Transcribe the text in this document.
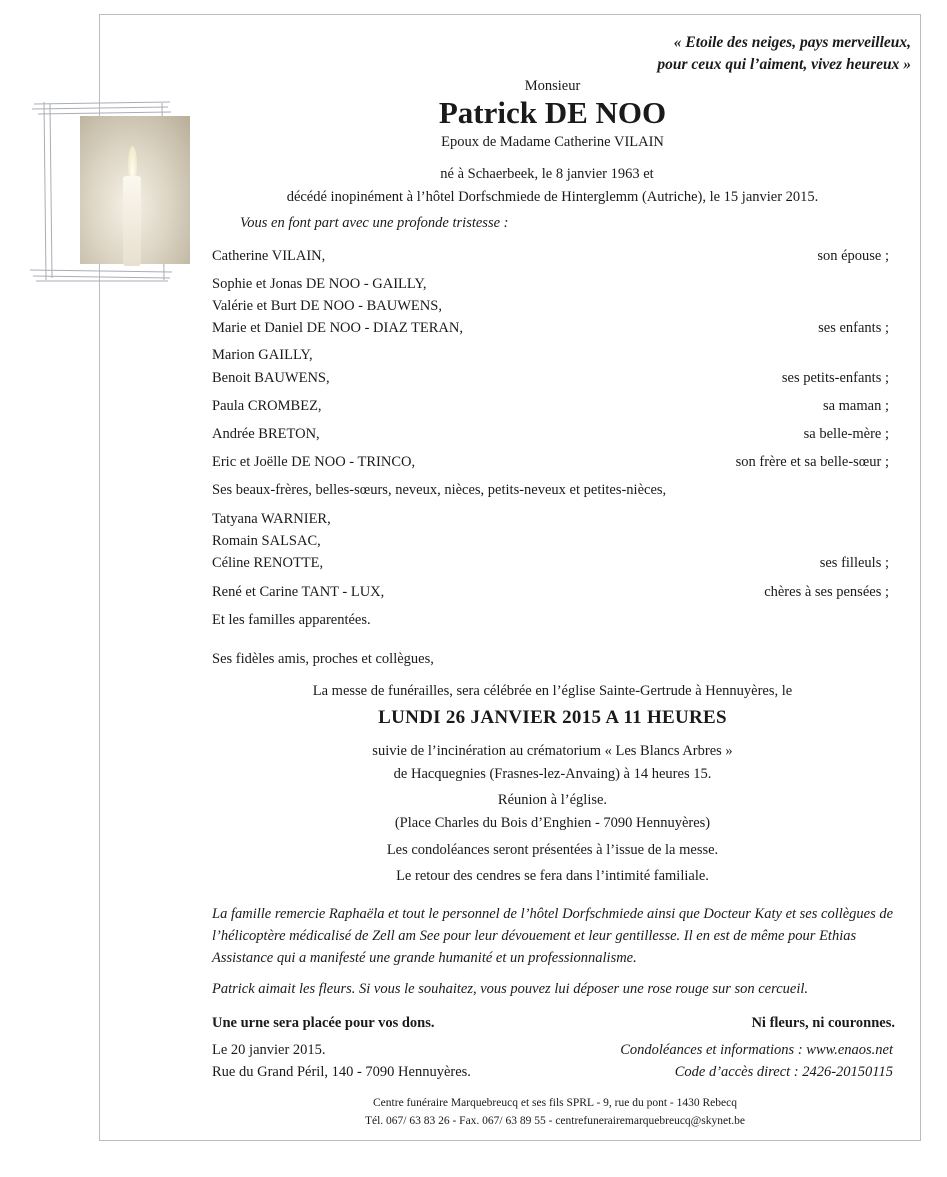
« Etoile des neiges, pays merveilleux,
pour ceux qui l’aiment, vivez heureux »
Monsieur
Patrick DE NOO
Epoux de Madame Catherine VILAIN
né à Schaerbeek, le 8 janvier 1963 et
décédé inopinément à l’hôtel Dorfschmiede de Hinterglemm (Autriche), le 15 janvier 2015.
Vous en font part avec une profonde tristesse :
Catherine VILAIN,	son épouse ;
Sophie et Jonas DE NOO - GAILLY,
Valérie et Burt DE NOO - BAUWENS,
Marie et Daniel DE NOO - DIAZ TERAN,	ses enfants ;
Marion GAILLY,
Benoit BAUWENS,	ses petits-enfants ;
Paula CROMBEZ,	sa maman ;
Andrée BRETON,	sa belle-mère ;
Eric et Joëlle DE NOO - TRINCO,	son frère et sa belle-sœur ;
Ses beaux-frères, belles-sœurs, neveux, nièces, petits-neveux et petites-nièces,
Tatyana WARNIER,
Romain SALSAC,
Céline RENOTTE,	ses filleuls ;
René et Carine TANT - LUX,	chères à ses pensées ;
Et les familles apparentées.
Ses fidèles amis, proches et collègues,
La messe de funérailles, sera célébrée en l’église Sainte-Gertrude à Hennuyères, le
LUNDI 26 JANVIER 2015 A 11 HEURES
suivie de l’incinération au crématorium « Les Blancs Arbres »
de Hacquegnies (Frasnes-lez-Anvaing) à 14 heures 15.
Réunion à l’église.
(Place Charles du Bois d’Enghien - 7090 Hennuyères)
Les condoléances seront présentées à l’issue de la messe.
Le retour des cendres se fera dans l’intimité familiale.
La famille remercie Raphaëla et tout le personnel de l’hôtel Dorfschmiede ainsi que Docteur Katy et ses collègues de l’hélicoptère médicalisé de Zell am See pour leur dévouement et leur gentillesse. Il en est de même pour Ethias Assistance qui a manifesté une grande humanité et un professionnalisme.
Patrick aimait les fleurs. Si vous le souhaitez, vous pouvez lui déposer une rose rouge sur son cercueil.
Une urne sera placée pour vos dons.	Ni fleurs, ni couronnes.
Le 20 janvier 2015.
Rue du Grand Péril, 140 - 7090 Hennuyères.
Condoléances et informations : www.enaos.net
Code d’accès direct : 2426-20150115
Centre funéraire Marquebreucq et ses fils SPRL - 9, rue du pont - 1430 Rebecq
Tél. 067/ 63 83 26 - Fax. 067/ 63 89 55 - centrefunerairemarquebreucq@skynet.be
